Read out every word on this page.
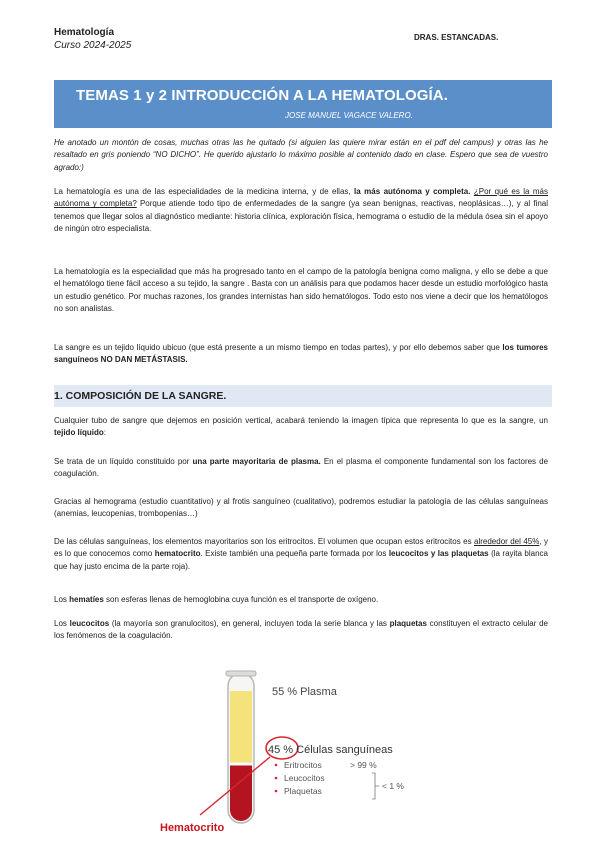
Hematología
Curso 2024-2025
DRAS. ESTANCADAS.
TEMAS 1 y 2 INTRODUCCIÓN A LA HEMATOLOGÍA.
JOSE MANUEL VAGACE VALERO.
He anotado un montón de cosas, muchas otras las he quitado (si alguien las quiere mirar están en el pdf del campus) y otras las he resaltado en gris poniendo “NO DICHO”. He querido ajustarlo lo máximo posible al contenido dado en clase. Espero que sea de vuestro agrado:)
La hematología es una de las especialidades de la medicina interna, y de ellas, la más autónoma y completa. ¿Por qué es la más autónoma y completa? Porque atiende todo tipo de enfermedades de la sangre (ya sean benignas, reactivas, neoplásicas…), y al final tenemos que llegar solos al diagnóstico mediante: historia clínica, exploración física, hemograma o estudio de la médula ósea sin el apoyo de ningún otro especialista.
La hematología es la especialidad que más ha progresado tanto en el campo de la patología benigna como maligna, y ello se debe a que el hematólogo tiene fácil acceso a su tejido, la sangre . Basta con un análisis para que podamos hacer desde un estudio morfológico hasta un estudio genético. Por muchas razones, los grandes internistas han sido hematólogos. Todo esto nos viene a decir que los hematólogos no son analistas.
La sangre es un tejido líquido ubicuo (que está presente a un mismo tiempo en todas partes), y por ello debemos saber que los tumores sanguíneos NO DAN METÁSTASIS.
1. COMPOSICIÓN DE LA SANGRE.
Cualquier tubo de sangre que dejemos en posición vertical, acabará teniendo la imagen típica que representa lo que es la sangre, un tejido líquido:
Se trata de un líquido constituido por una parte mayoritaria de plasma. En el plasma el componente fundamental son los factores de coagulación.
Gracias al hemograma (estudio cuantitativo) y al frotis sanguíneo (cualitativo), podremos estudiar la patología de las células sanguíneas (anemias, leucopenias, trombopenias…)
De las células sanguíneas, los elementos mayoritarios son los eritrocitos. El volumen que ocupan estos eritrocitos es alrededor del 45%, y es lo que conocemos como hematocrito. Existe también una pequeña parte formada por los leucocitos y las plaquetas (la rayita blanca que hay justo encima de la parte roja).
Los hematíes son esferas llenas de hemoglobina cuya función es el transporte de oxígeno.
Los leucocitos (la mayoría son granulocitos), en general, incluyen toda la serie blanca y las plaquetas constituyen el extracto celular de los fenómenos de la coagulación.
55 % Plasma
45 % Células sanguíneas
Eritrocitos	> 99 %
Leucocitos
Plaquetas	< 1 %
Hematocrito
